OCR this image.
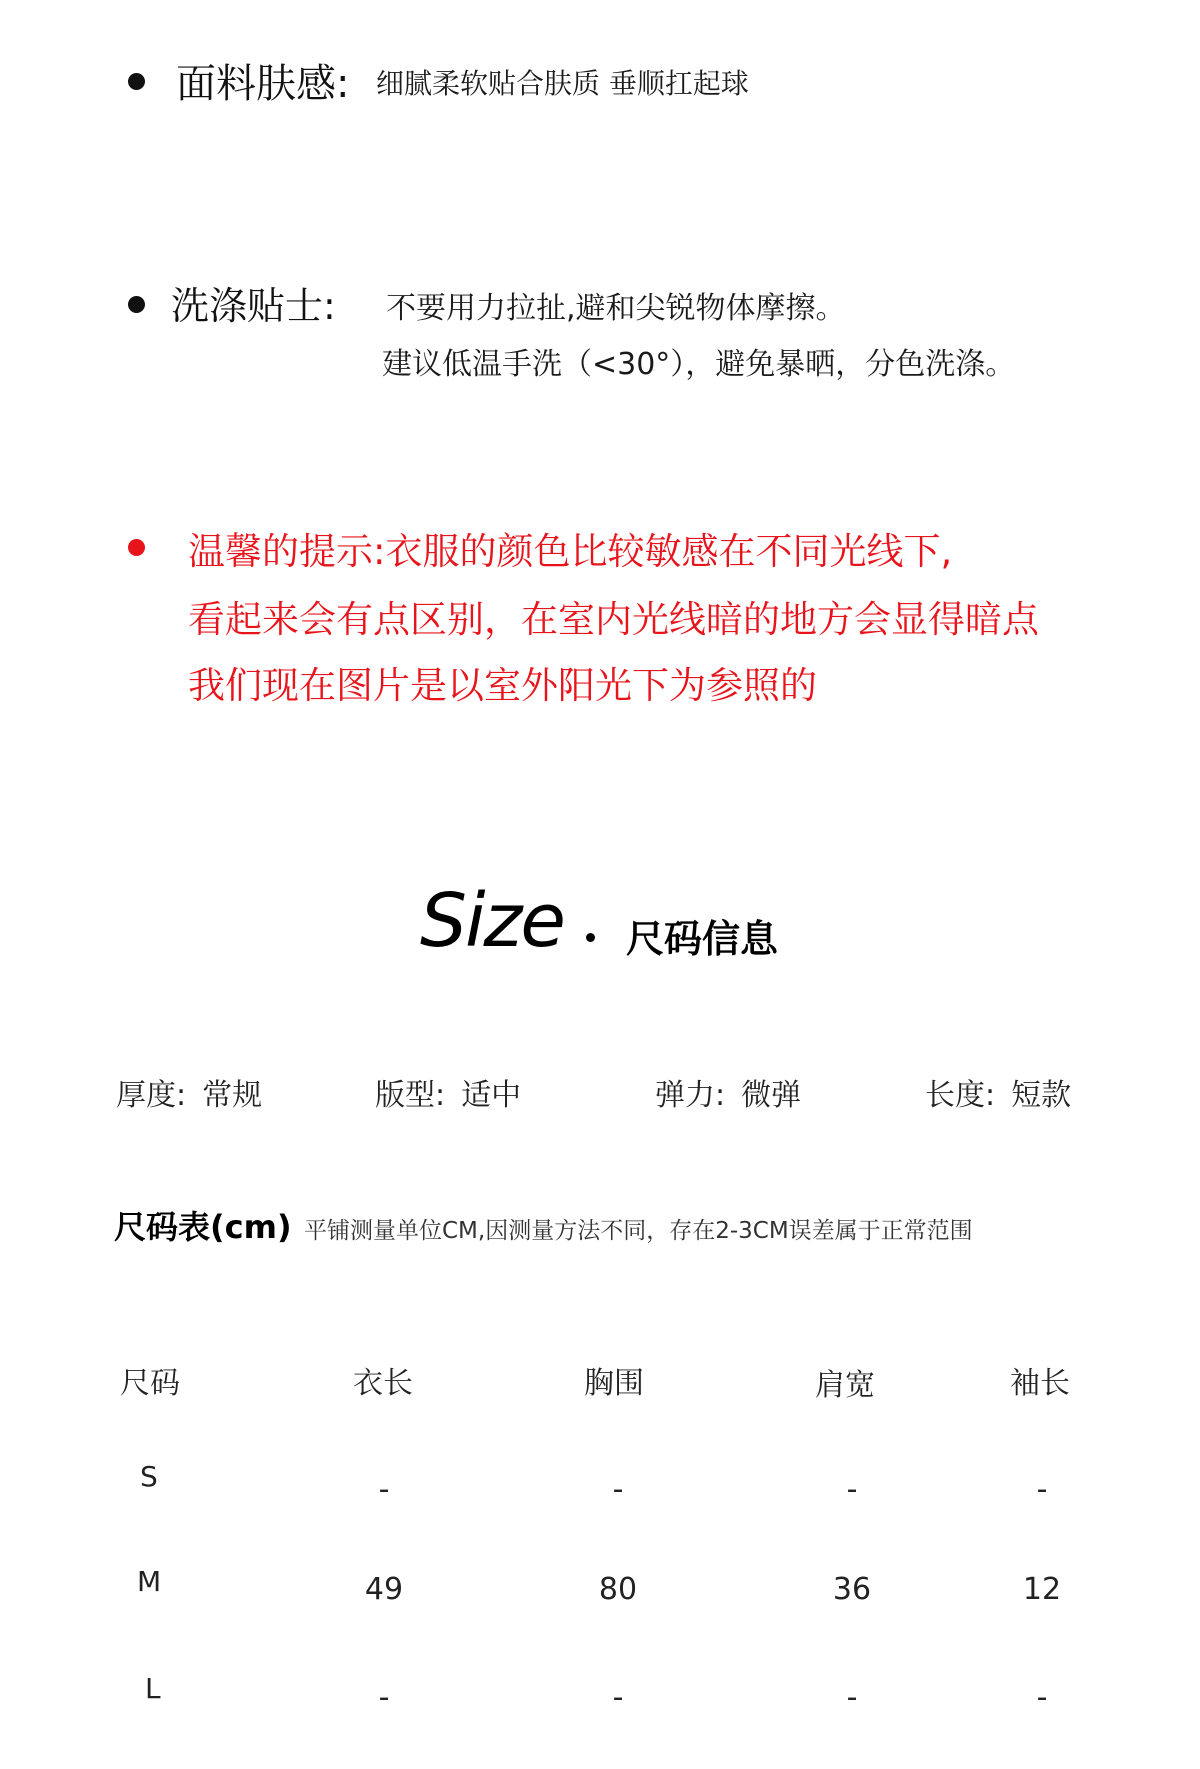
面料肤感: 细腻柔软贴合肤质 垂顺扛起球
洗涤贴士: 不要用力拉扯,避和尖锐物体摩擦。
建议低温手洗（<30°），避免暴晒，分色洗涤。
温馨的提示:衣服的颜色比较敏感在不同光线下,
看起来会有点区别，在室内光线暗的地方会显得暗点
我们现在图片是以室外阳光下为参照的
Size 尺码信息
厚度: 常规	版型: 适中	弹力: 微弹	长度: 短款
尺码表(cm) 平铺测量单位CM,因测量方法不同，存在2-3CM误差属于正常范围
尺码	衣长	胸围	肩宽	袖长
S	-	-	-	-
M	49	80	36	12
L	-	-	-	-
